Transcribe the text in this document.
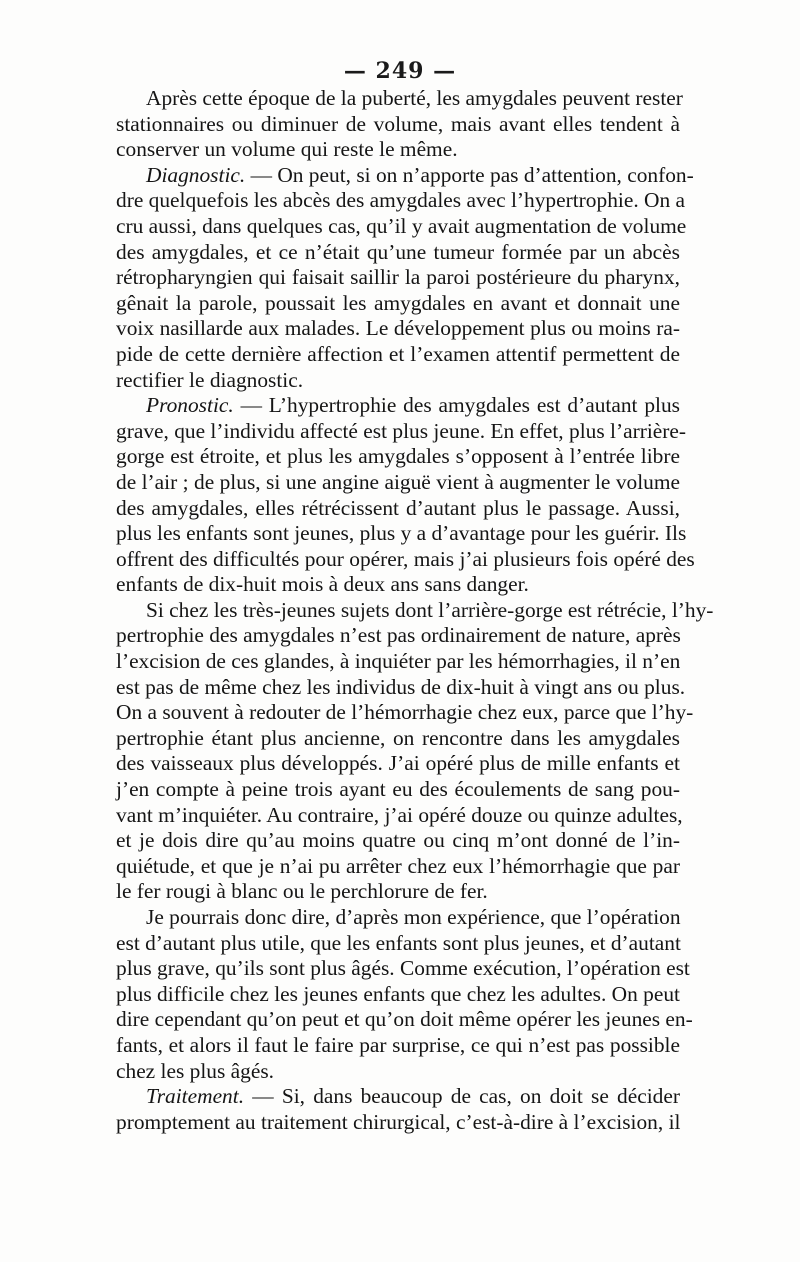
— 249 —
Après cette époque de la puberté, les amygdales peuvent rester
stationnaires ou diminuer de volume, mais avant elles tendent à
conserver un volume qui reste le même.
Diagnostic. — On peut, si on n’apporte pas d’attention, confon-
dre quelquefois les abcès des amygdales avec l’hypertrophie. On a
cru aussi, dans quelques cas, qu’il y avait augmentation de volume
des amygdales, et ce n’était qu’une tumeur formée par un abcès
rétropharyngien qui faisait saillir la paroi postérieure du pharynx,
gênait la parole, poussait les amygdales en avant et donnait une
voix nasillarde aux malades. Le développement plus ou moins ra-
pide de cette dernière affection et l’examen attentif permettent de
rectifier le diagnostic.
Pronostic. — L’hypertrophie des amygdales est d’autant plus
grave, que l’individu affecté est plus jeune. En effet, plus l’arrière-
gorge est étroite, et plus les amygdales s’opposent à l’entrée libre
de l’air ; de plus, si une angine aiguë vient à augmenter le volume
des amygdales, elles rétrécissent d’autant plus le passage. Aussi,
plus les enfants sont jeunes, plus y a d’avantage pour les guérir. Ils
offrent des difficultés pour opérer, mais j’ai plusieurs fois opéré des
enfants de dix-huit mois à deux ans sans danger.
Si chez les très-jeunes sujets dont l’arrière-gorge est rétrécie, l’hy-
pertrophie des amygdales n’est pas ordinairement de nature, après
l’excision de ces glandes, à inquiéter par les hémorrhagies, il n’en
est pas de même chez les individus de dix-huit à vingt ans ou plus.
On a souvent à redouter de l’hémorrhagie chez eux, parce que l’hy-
pertrophie étant plus ancienne, on rencontre dans les amygdales
des vaisseaux plus développés. J’ai opéré plus de mille enfants et
j’en compte à peine trois ayant eu des écoulements de sang pou-
vant m’inquiéter. Au contraire, j’ai opéré douze ou quinze adultes,
et je dois dire qu’au moins quatre ou cinq m’ont donné de l’in-
quiétude, et que je n’ai pu arrêter chez eux l’hémorrhagie que par
le fer rougi à blanc ou le perchlorure de fer.
Je pourrais donc dire, d’après mon expérience, que l’opération
est d’autant plus utile, que les enfants sont plus jeunes, et d’autant
plus grave, qu’ils sont plus âgés. Comme exécution, l’opération est
plus difficile chez les jeunes enfants que chez les adultes. On peut
dire cependant qu’on peut et qu’on doit même opérer les jeunes en-
fants, et alors il faut le faire par surprise, ce qui n’est pas possible
chez les plus âgés.
Traitement. — Si, dans beaucoup de cas, on doit se décider
promptement au traitement chirurgical, c’est-à-dire à l’excision, il
